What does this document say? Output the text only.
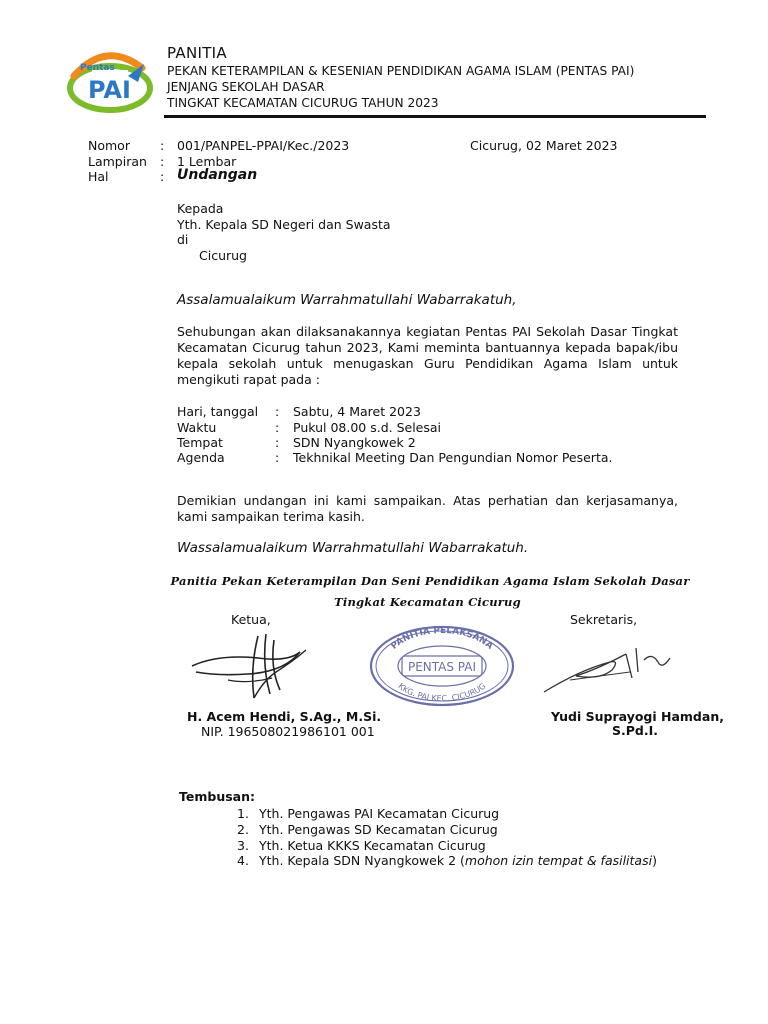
Pentas
PAI
PANITIA
PEKAN KETERAMPILAN & KESENIAN PENDIDIKAN AGAMA ISLAM (PENTAS PAI)
JENJANG SEKOLAH DASAR
TINGKAT KECAMATAN CICURUG TAHUN 2023
Nomor : 001/PANPEL-PPAI/Kec./2023	Cicurug, 02 Maret 2023
Lampiran : 1 Lembar
Hal	: Undangan
Kepada
Yth. Kepala SD Negeri dan Swasta
di
Cicurug
Assalamualaikum Warrahmatullahi Wabarrakatuh,
Sehubungan akan dilaksanakannya kegiatan Pentas PAI Sekolah Dasar Tingkat Kecamatan Cicurug tahun 2023, Kami meminta bantuannya kepada bapak/ibu kepala sekolah untuk menugaskan Guru Pendidikan Agama Islam untuk mengikuti rapat pada :
Hari, tanggal : Sabtu, 4 Maret 2023
Waktu	: Pukul 08.00 s.d. Selesai
Tempat	: SDN Nyangkowek 2
Agenda	: Tekhnikal Meeting Dan Pengundian Nomor Peserta.
Demikian undangan ini kami sampaikan. Atas perhatian dan kerjasamanya, kami sampaikan terima kasih.
Wassalamualaikum Warrahmatullahi Wabarrakatuh.
Panitia Pekan Keterampilan Dan Seni Pendidikan Agama Islam Sekolah Dasar
Tingkat Kecamatan Cicurug
Ketua,	Sekretaris,
PANITIA PELAKSANA
PENTAS PAI
KKG. PAI KEC. CICURUG
H. Acem Hendi, S.Ag., M.Si.
NIP. 196508021986101 001
Yudi Suprayogi Hamdan,
S.Pd.I.
Tembusan:
1. Yth. Pengawas PAI Kecamatan Cicurug
2. Yth. Pengawas SD Kecamatan Cicurug
3. Yth. Ketua KKKS Kecamatan Cicurug
4. Yth. Kepala SDN Nyangkowek 2 (mohon izin tempat & fasilitasi)
